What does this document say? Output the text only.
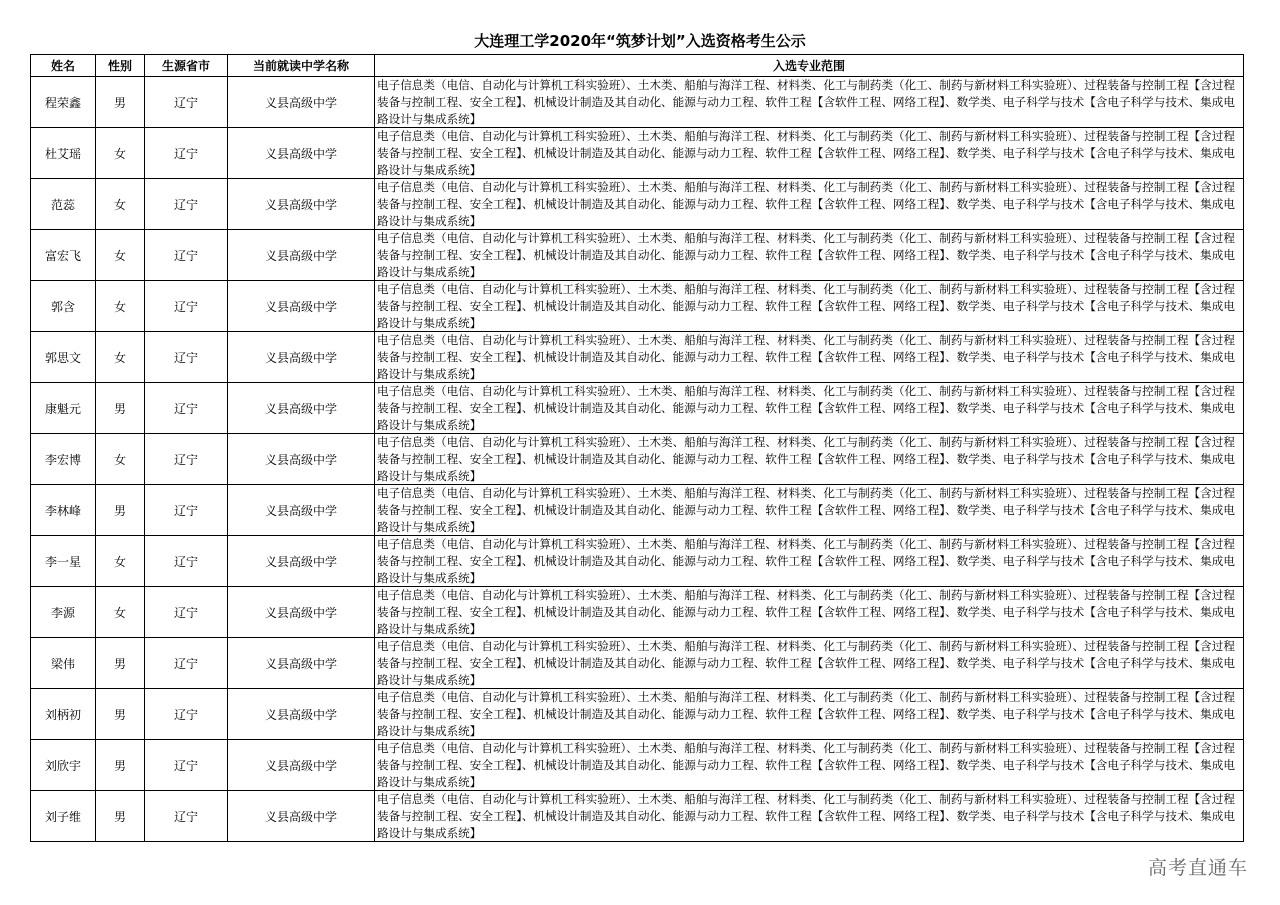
大连理工学2020年“筑梦计划”入选资格考生公示
姓名	性别	生源省市	当前就读中学名称	入选专业范围
程荣鑫	男	辽宁	义县高级中学	电子信息类（电信、自动化与计算机工科实验班）、土木类、船舶与海洋工程、材料类、化工与制药类（化工、制药与新材料工科实验班）、过程装备与控制工程【含过程装备与控制工程、安全工程】、机械设计制造及其自动化、能源与动力工程、软件工程【含软件工程、网络工程】、数学类、电子科学与技术【含电子科学与技术、集成电路设计与集成系统】

杜艾瑶	女	辽宁	义县高级中学	电子信息类（电信、自动化与计算机工科实验班）、土木类、船舶与海洋工程、材料类、化工与制药类（化工、制药与新材料工科实验班）、过程装备与控制工程【含过程装备与控制工程、安全工程】、机械设计制造及其自动化、能源与动力工程、软件工程【含软件工程、网络工程】、数学类、电子科学与技术【含电子科学与技术、集成电路设计与集成系统】

范蕊	女	辽宁	义县高级中学	电子信息类（电信、自动化与计算机工科实验班）、土木类、船舶与海洋工程、材料类、化工与制药类（化工、制药与新材料工科实验班）、过程装备与控制工程【含过程装备与控制工程、安全工程】、机械设计制造及其自动化、能源与动力工程、软件工程【含软件工程、网络工程】、数学类、电子科学与技术【含电子科学与技术、集成电路设计与集成系统】

富宏飞	女	辽宁	义县高级中学	电子信息类（电信、自动化与计算机工科实验班）、土木类、船舶与海洋工程、材料类、化工与制药类（化工、制药与新材料工科实验班）、过程装备与控制工程【含过程装备与控制工程、安全工程】、机械设计制造及其自动化、能源与动力工程、软件工程【含软件工程、网络工程】、数学类、电子科学与技术【含电子科学与技术、集成电路设计与集成系统】

郭含	女	辽宁	义县高级中学	电子信息类（电信、自动化与计算机工科实验班）、土木类、船舶与海洋工程、材料类、化工与制药类（化工、制药与新材料工科实验班）、过程装备与控制工程【含过程装备与控制工程、安全工程】、机械设计制造及其自动化、能源与动力工程、软件工程【含软件工程、网络工程】、数学类、电子科学与技术【含电子科学与技术、集成电路设计与集成系统】

郭思文	女	辽宁	义县高级中学	电子信息类（电信、自动化与计算机工科实验班）、土木类、船舶与海洋工程、材料类、化工与制药类（化工、制药与新材料工科实验班）、过程装备与控制工程【含过程装备与控制工程、安全工程】、机械设计制造及其自动化、能源与动力工程、软件工程【含软件工程、网络工程】、数学类、电子科学与技术【含电子科学与技术、集成电路设计与集成系统】

康魁元	男	辽宁	义县高级中学	电子信息类（电信、自动化与计算机工科实验班）、土木类、船舶与海洋工程、材料类、化工与制药类（化工、制药与新材料工科实验班）、过程装备与控制工程【含过程装备与控制工程、安全工程】、机械设计制造及其自动化、能源与动力工程、软件工程【含软件工程、网络工程】、数学类、电子科学与技术【含电子科学与技术、集成电路设计与集成系统】

李宏博	女	辽宁	义县高级中学	电子信息类（电信、自动化与计算机工科实验班）、土木类、船舶与海洋工程、材料类、化工与制药类（化工、制药与新材料工科实验班）、过程装备与控制工程【含过程装备与控制工程、安全工程】、机械设计制造及其自动化、能源与动力工程、软件工程【含软件工程、网络工程】、数学类、电子科学与技术【含电子科学与技术、集成电路设计与集成系统】

李林峰	男	辽宁	义县高级中学	电子信息类（电信、自动化与计算机工科实验班）、土木类、船舶与海洋工程、材料类、化工与制药类（化工、制药与新材料工科实验班）、过程装备与控制工程【含过程装备与控制工程、安全工程】、机械设计制造及其自动化、能源与动力工程、软件工程【含软件工程、网络工程】、数学类、电子科学与技术【含电子科学与技术、集成电路设计与集成系统】

李一星	女	辽宁	义县高级中学	电子信息类（电信、自动化与计算机工科实验班）、土木类、船舶与海洋工程、材料类、化工与制药类（化工、制药与新材料工科实验班）、过程装备与控制工程【含过程装备与控制工程、安全工程】、机械设计制造及其自动化、能源与动力工程、软件工程【含软件工程、网络工程】、数学类、电子科学与技术【含电子科学与技术、集成电路设计与集成系统】

李源	女	辽宁	义县高级中学	电子信息类（电信、自动化与计算机工科实验班）、土木类、船舶与海洋工程、材料类、化工与制药类（化工、制药与新材料工科实验班）、过程装备与控制工程【含过程装备与控制工程、安全工程】、机械设计制造及其自动化、能源与动力工程、软件工程【含软件工程、网络工程】、数学类、电子科学与技术【含电子科学与技术、集成电路设计与集成系统】

梁伟	男	辽宁	义县高级中学	电子信息类（电信、自动化与计算机工科实验班）、土木类、船舶与海洋工程、材料类、化工与制药类（化工、制药与新材料工科实验班）、过程装备与控制工程【含过程装备与控制工程、安全工程】、机械设计制造及其自动化、能源与动力工程、软件工程【含软件工程、网络工程】、数学类、电子科学与技术【含电子科学与技术、集成电路设计与集成系统】

刘柄初	男	辽宁	义县高级中学	电子信息类（电信、自动化与计算机工科实验班）、土木类、船舶与海洋工程、材料类、化工与制药类（化工、制药与新材料工科实验班）、过程装备与控制工程【含过程装备与控制工程、安全工程】、机械设计制造及其自动化、能源与动力工程、软件工程【含软件工程、网络工程】、数学类、电子科学与技术【含电子科学与技术、集成电路设计与集成系统】

刘欣宇	男	辽宁	义县高级中学	电子信息类（电信、自动化与计算机工科实验班）、土木类、船舶与海洋工程、材料类、化工与制药类（化工、制药与新材料工科实验班）、过程装备与控制工程【含过程装备与控制工程、安全工程】、机械设计制造及其自动化、能源与动力工程、软件工程【含软件工程、网络工程】、数学类、电子科学与技术【含电子科学与技术、集成电路设计与集成系统】

刘子维	男	辽宁	义县高级中学	电子信息类（电信、自动化与计算机工科实验班）、土木类、船舶与海洋工程、材料类、化工与制药类（化工、制药与新材料工科实验班）、过程装备与控制工程【含过程装备与控制工程、安全工程】、机械设计制造及其自动化、能源与动力工程、软件工程【含软件工程、网络工程】、数学类、电子科学与技术【含电子科学与技术、集成电路设计与集成系统】
高考直通车
